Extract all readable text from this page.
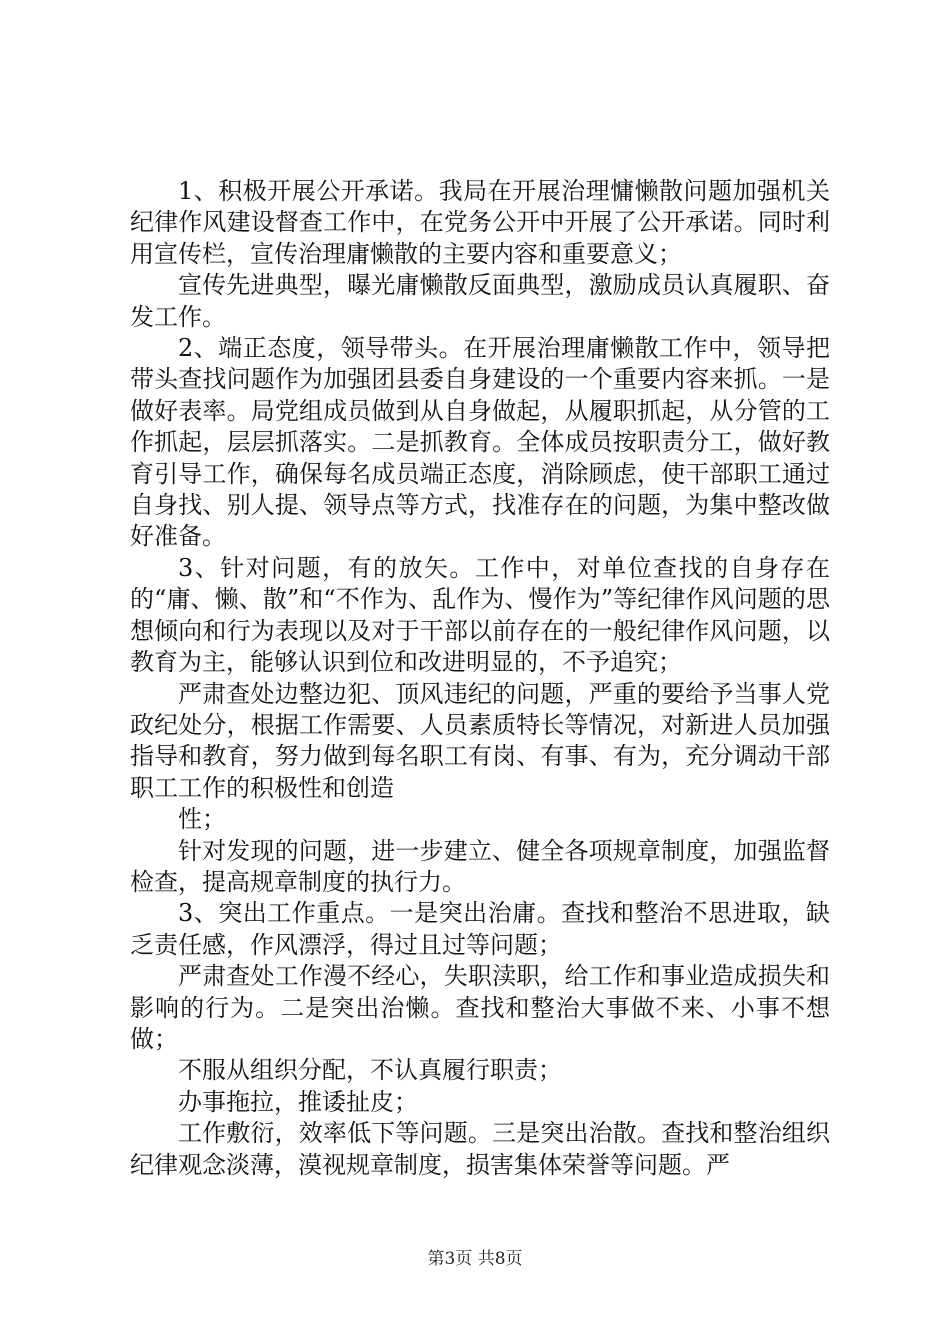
1、积极开展公开承诺。我局在开展治理慵懒散问题加强机关纪律作风建设督查工作中，在党务公开中开展了公开承诺。同时利用宣传栏，宣传治理庸懒散的主要内容和重要意义；

宣传先进典型，曝光庸懒散反面典型，激励成员认真履职、奋发工作。

2、端正态度，领导带头。在开展治理庸懒散工作中，领导把带头查找问题作为加强团县委自身建设的一个重要内容来抓。一是做好表率。局党组成员做到从自身做起，从履职抓起，从分管的工作抓起，层层抓落实。二是抓教育。全体成员按职责分工，做好教育引导工作，确保每名成员端正态度，消除顾虑，使干部职工通过自身找、别人提、领导点等方式，找准存在的问题，为集中整改做好准备。

3、针对问题，有的放矢。工作中，对单位查找的自身存在的“庸、懒、散”和“不作为、乱作为、慢作为”等纪律作风问题的思想倾向和行为表现以及对于干部以前存在的一般纪律作风问题，以教育为主，能够认识到位和改进明显的，不予追究；

严肃查处边整边犯、顶风违纪的问题，严重的要给予当事人党政纪处分，根据工作需要、人员素质特长等情况，对新进人员加强指导和教育，努力做到每名职工有岗、有事、有为，充分调动干部职工工作的积极性和创造

性；

针对发现的问题，进一步建立、健全各项规章制度，加强监督检查，提高规章制度的执行力。

3、突出工作重点。一是突出治庸。查找和整治不思进取，缺乏责任感，作风漂浮，得过且过等问题；

严肃查处工作漫不经心，失职渎职，给工作和事业造成损失和影响的行为。二是突出治懒。查找和整治大事做不来、小事不想做；

不服从组织分配，不认真履行职责；

办事拖拉，推诿扯皮；

工作敷衍，效率低下等问题。三是突出治散。查找和整治组织纪律观念淡薄，漠视规章制度，损害集体荣誉等问题。严

第3页 共8页
